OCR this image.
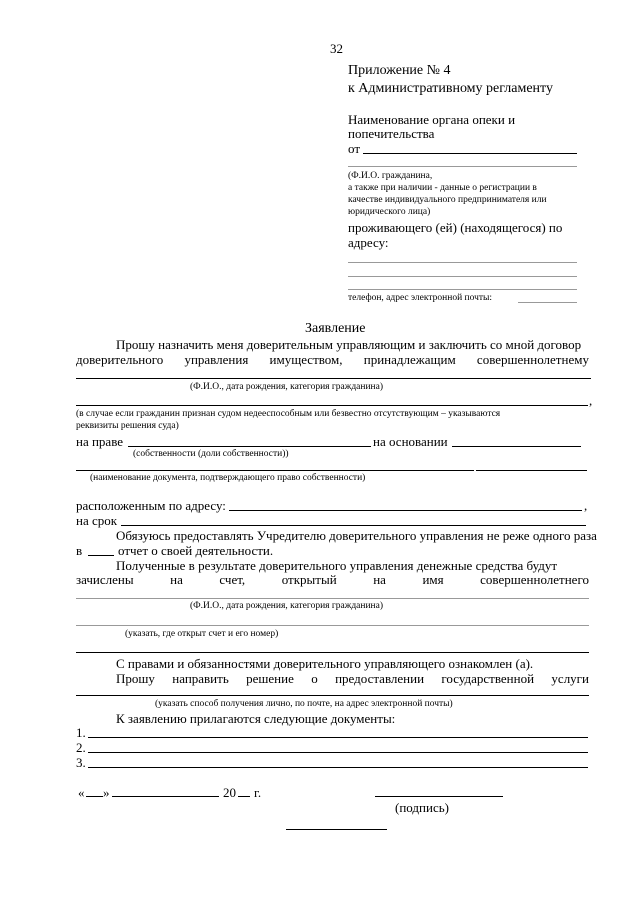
32
Приложение № 4
к Административному регламенту
Наименование органа опеки и
попечительства
от
(Ф.И.О. гражданина,
а также при наличии - данные о регистрации в
качестве индивидуального предпринимателя или
юридического лица)
проживающего (ей) (находящегося) по
адресу:
телефон, адрес электронной почты:
Заявление
Прошу назначить меня доверительным управляющим и заключить со мной договор
доверительного управления имуществом, принадлежащим совершеннолетнему
(Ф.И.О., дата рождения, категория гражданина)
,
(в случае если гражданин признан судом недееспособным или безвестно отсутствующим – указываются
реквизиты решения суда)
на праве	на основании
(собственности (доли собственности))
(наименование документа, подтверждающего право собственности)
расположенным по адресу:	,
на срок
Обязуюсь предоставлять Учредителю доверительного управления не реже одного раза
в	отчет о своей деятельности.
Полученные в результате доверительного управления денежные средства будут
зачислены	на	счет,	открытый	на	имя	совершеннолетнего
(Ф.И.О., дата рождения, категория гражданина)
(указать, где открыт счет и его номер)
С правами и обязанностями доверительного управляющего ознакомлен (а).
Прошу направить решение о предоставлении государственной услуги
(указать способ получения лично, по почте, на адрес электронной почты)
К заявлению прилагаются следующие документы:
1.
2.
3.
« »	20 г.
(подпись)
